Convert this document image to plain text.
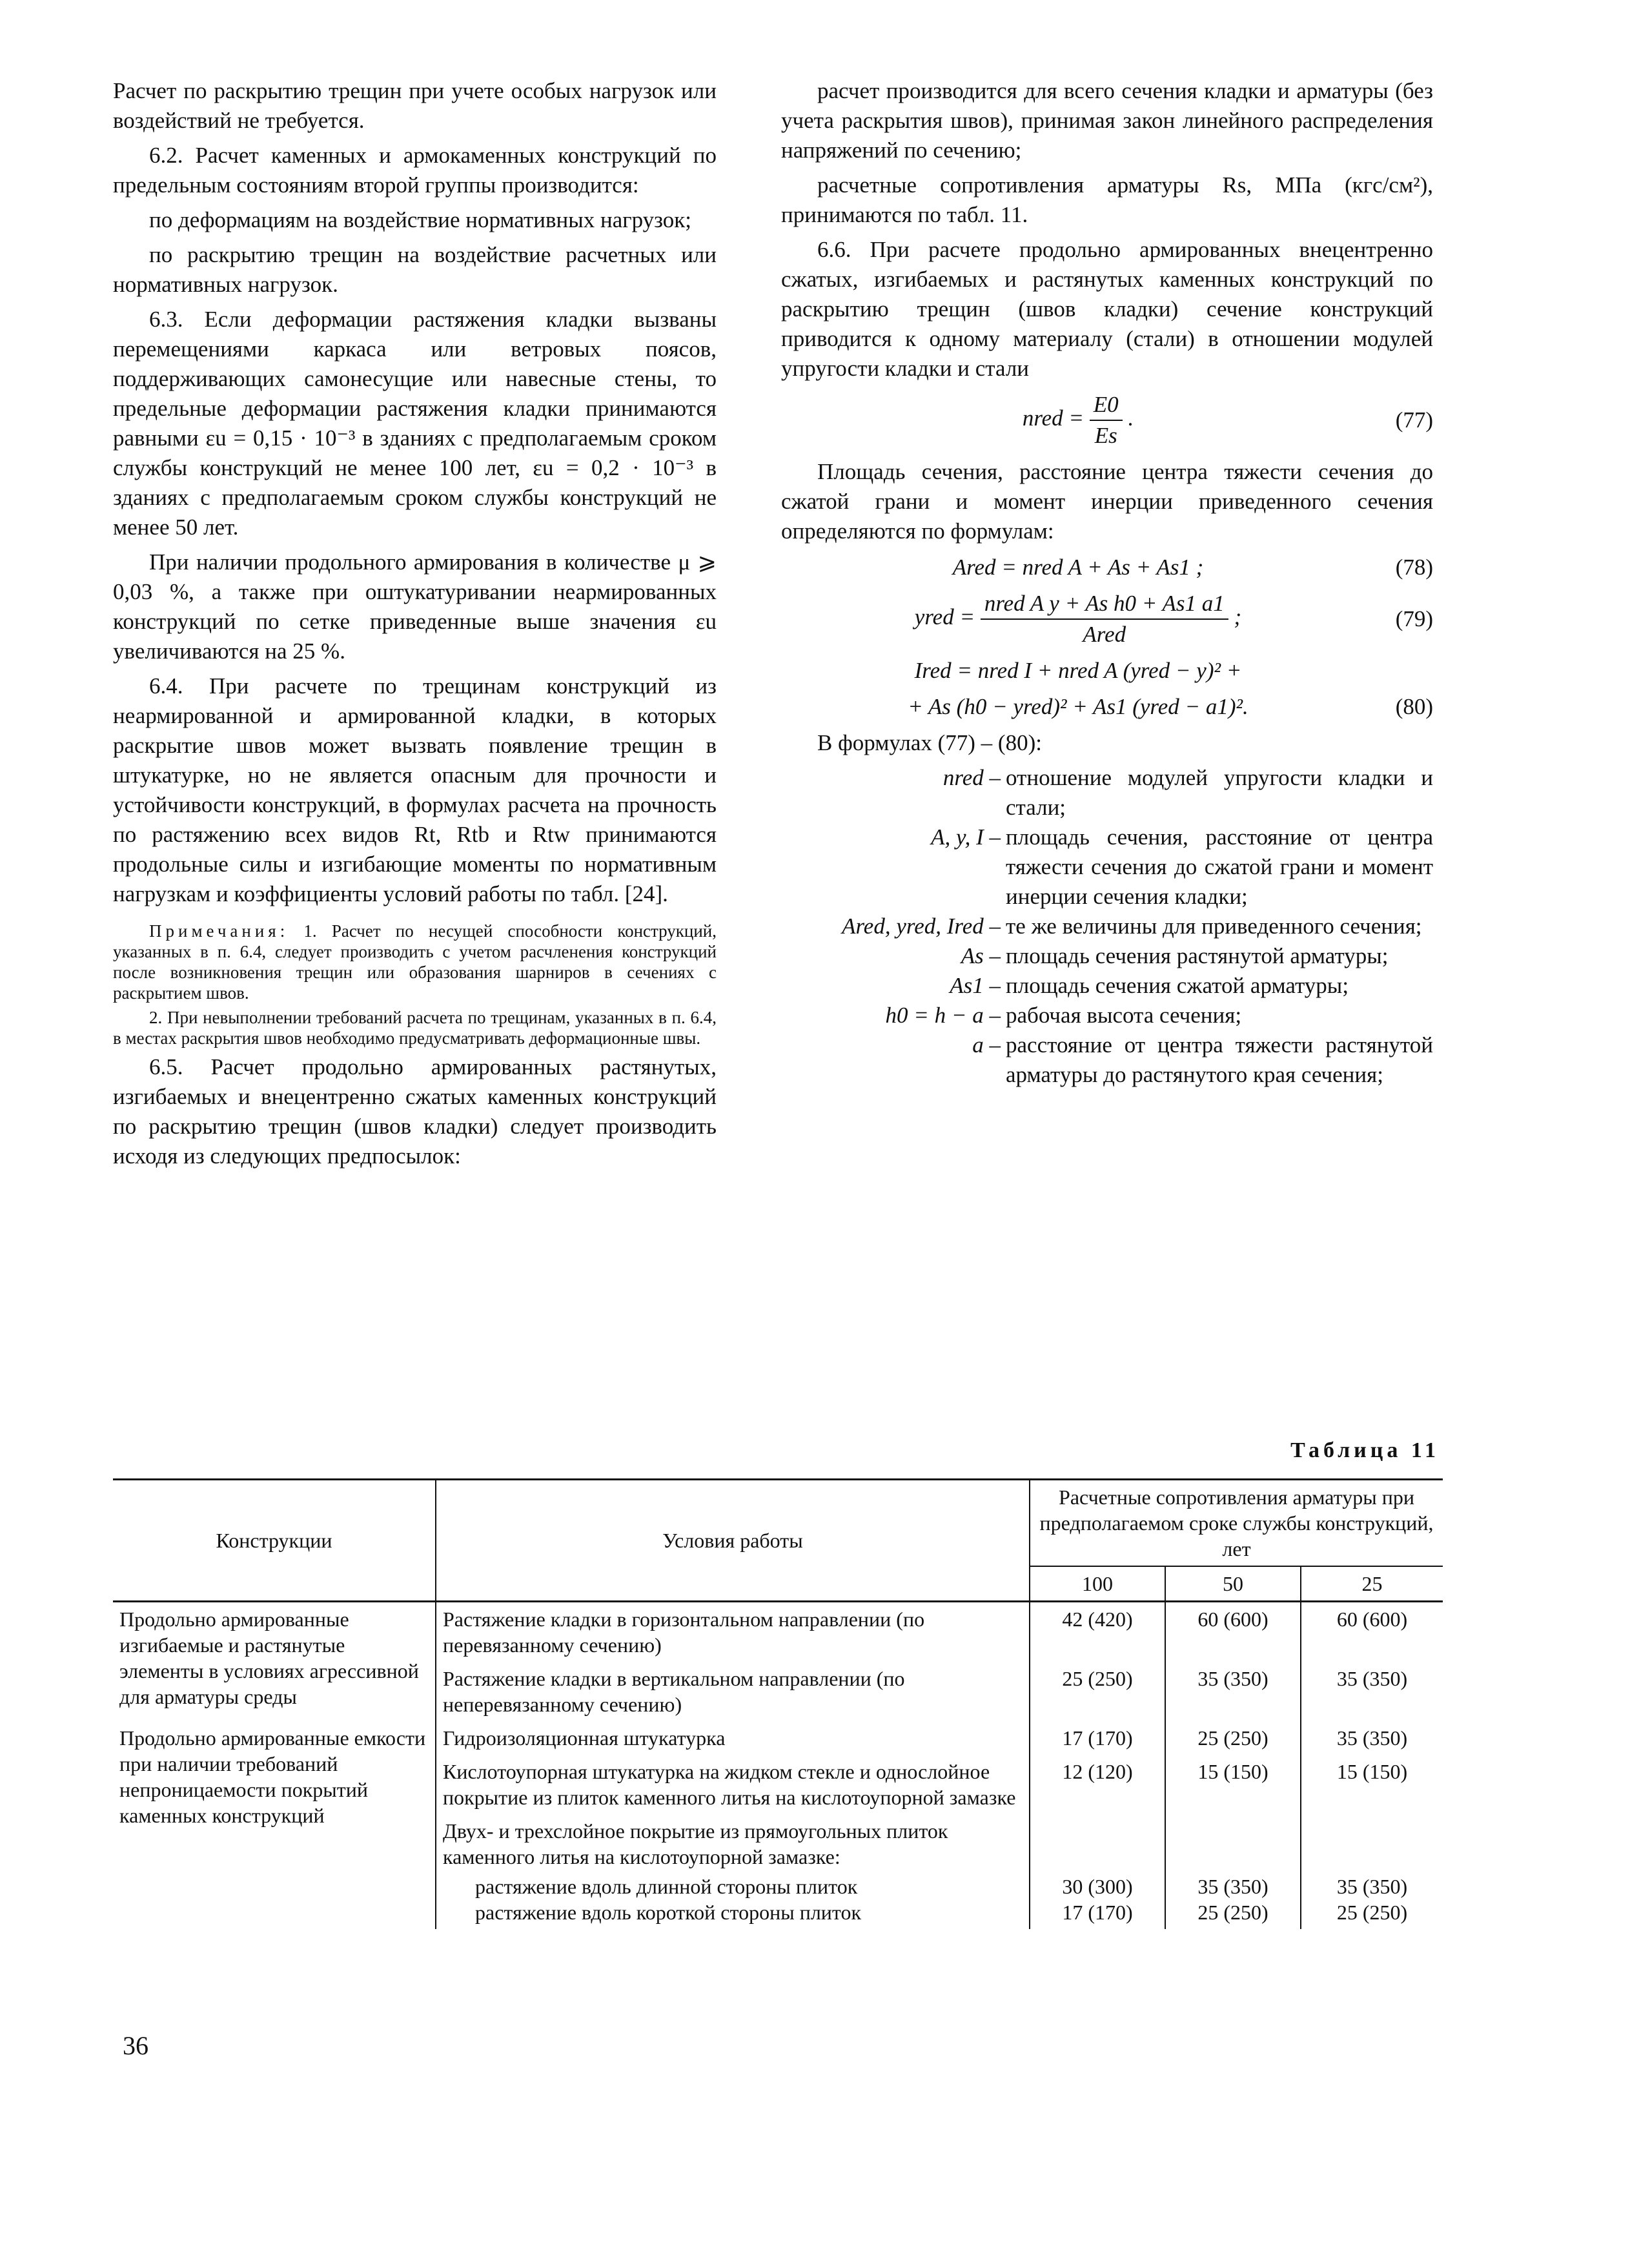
Расчет по раскрытию трещин при учете особых нагрузок или воздействий не требуется.

6.2. Расчет каменных и армокаменных конструкций по предельным состояниям второй группы производится:

по деформациям на воздействие нормативных нагрузок;

по раскрытию трещин на воздействие расчетных или нормативных нагрузок.

6.3. Если деформации растяжения кладки вызваны перемещениями каркаса или ветровых поясов, поддерживающих самонесущие или навесные стены, то предельные деформации растяжения кладки принимаются равными εu = 0,15 · 10⁻³ в зданиях с предполагаемым сроком службы конструкций не менее 100 лет, εu = 0,2 · 10⁻³ в зданиях с предполагаемым сроком службы конструкций не менее 50 лет.

При наличии продольного армирования в количестве μ ⩾ 0,03 %, а также при оштукатуривании неармированных конструкций по сетке приведенные выше значения εu увеличиваются на 25 %.

6.4. При расчете по трещинам конструкций из неармированной и армированной кладки, в которых раскрытие швов может вызвать появление трещин в штукатурке, но не является опасным для прочности и устойчивости конструкций, в формулах расчета на прочность по растяжению всех видов Rt, Rtb и Rtw принимаются продольные силы и изгибающие моменты по нормативным нагрузкам и коэффициенты условий работы по табл. [24].

Примечания: 1. Расчет по несущей способности конструкций, указанных в п. 6.4, следует производить с учетом расчленения конструкций после возникновения трещин или образования шарниров в сечениях с раскрытием швов.

2. При невыполнении требований расчета по трещинам, указанных в п. 6.4, в местах раскрытия швов необходимо предусматривать деформационные швы.

6.5. Расчет продольно армированных растянутых, изгибаемых и внецентренно сжатых каменных конструкций по раскрытию трещин (швов кладки) следует производить исходя из следующих предпосылок:

расчет производится для всего сечения кладки и арматуры (без учета раскрытия швов), принимая закон линейного распределения напряжений по сечению;

расчетные сопротивления арматуры Rs, МПа (кгс/см²), принимаются по табл. 11.

6.6. При расчете продольно армированных внецентренно сжатых, изгибаемых и растянутых каменных конструкций по раскрытию трещин (швов кладки) сечение конструкций приводится к одному материалу (стали) в отношении модулей упругости кладки и стали

nred = $\frac{E0}{Es}$ .	(77)

Площадь сечения, расстояние центра тяжести сечения до сжатой грани и момент инерции приведенного сечения определяются по формулам:

Ared = nred A + As + As1 ;	(78)
yred = $\frac{\text{nred A y + As h0 + As1 a1}}{\text{Ared}}$ ;	(79)
Ired = nred I + nred A (yred − y)² +
+ As (h0 − yred)² + As1 (yred − a1)².	(80)

В формулах (77) – (80):

nred – отношение модулей упругости кладки и стали;
A, y, I – площадь сечения, расстояние от центра тяжести сечения до сжатой грани и момент инерции сечения кладки;
Ared, yred, Ired – те же величины для приведенного сечения;
As – площадь сечения растянутой арматуры;
As1 – площадь сечения сжатой арматуры;
h0 = h − a – рабочая высота сечения;
a – расстояние от центра тяжести растянутой арматуры до растянутого края сечения;
Таблица 11
Конструкции	Условия работы	Расчетные сопротивления арматуры при предполагаемом сроке службы конструкций, лет		
		100	50	25
Продольно армированные изгибаемые и растянутые элементы в условиях агрессивной для арматуры среды	Растяжение кладки в горизонтальном направлении (по перевязанному сечению)	42 (420)	60 (600)	60 (600)
	Растяжение кладки в вертикальном направлении (по неперевязанному сечению)	25 (250)	35 (350)	35 (350)
Продольно армированные емкости при наличии требований непроницаемости покрытий каменных конструкций	Гидроизоляционная штукатурка	17 (170)	25 (250)	35 (350)
	Кислотоупорная штукатурка на жидком стекле и однослойное покрытие из плиток каменного литья на кислотоупорной замазке	12 (120)	15 (150)	15 (150)
	Двух- и трехслойное покрытие из прямоугольных плиток каменного литья на кислотоупорной замазке:			
	растяжение вдоль длинной стороны плиток	30 (300)	35 (350)	35 (350)
	растяжение вдоль короткой стороны плиток	17 (170)	25 (250)	25 (250)
36
